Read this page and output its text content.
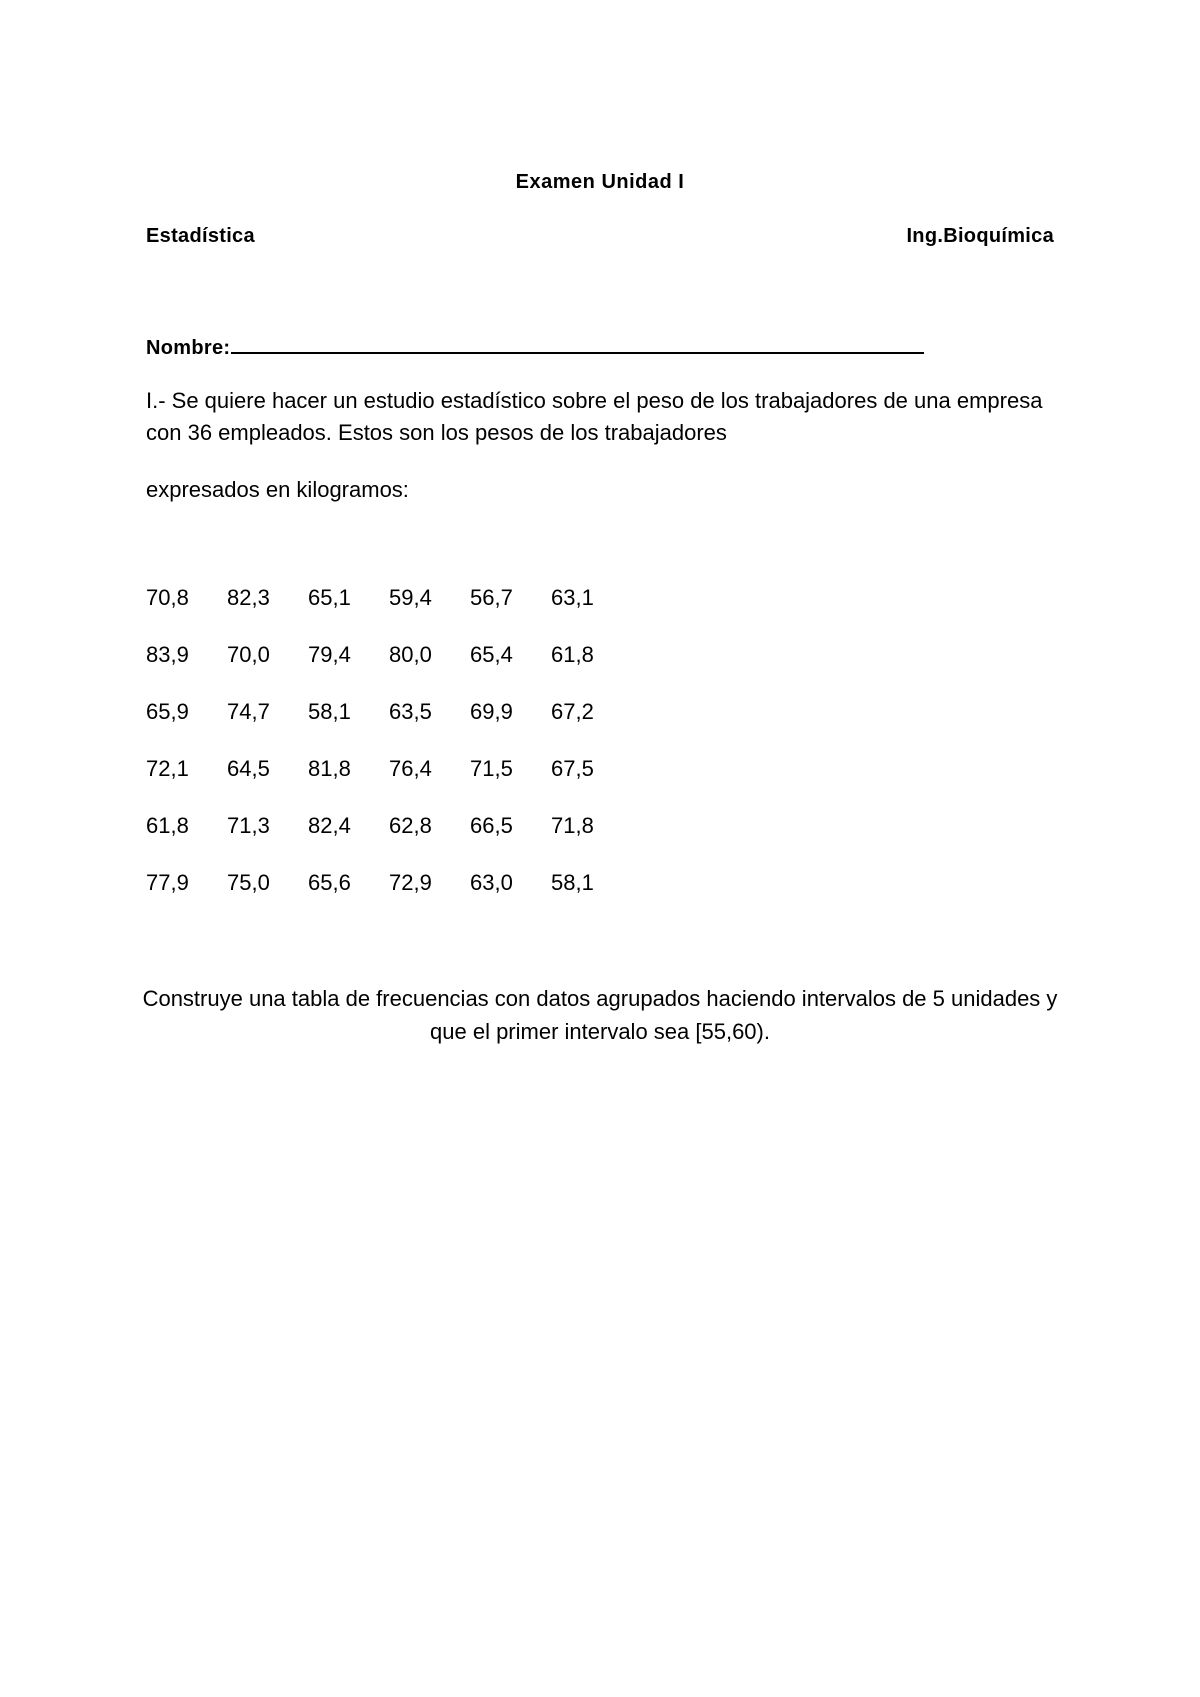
Examen Unidad I
Estadística	Ing.Bioquímica
Nombre:
I.- Se quiere hacer un estudio estadístico sobre el peso de los trabajadores de una empresa con 36 empleados. Estos son los pesos de los trabajadores
expresados en kilogramos:
70,8	82,3	65,1	59,4	56,7	63,1
83,9	70,0	79,4	80,0	65,4	61,8
65,9	74,7	58,1	63,5	69,9	67,2
72,1	64,5	81,8	76,4	71,5	67,5
61,8	71,3	82,4	62,8	66,5	71,8
77,9	75,0	65,6	72,9	63,0	58,1
Construye una tabla de frecuencias con datos agrupados haciendo intervalos de 5 unidades y que el primer intervalo sea [55,60).
